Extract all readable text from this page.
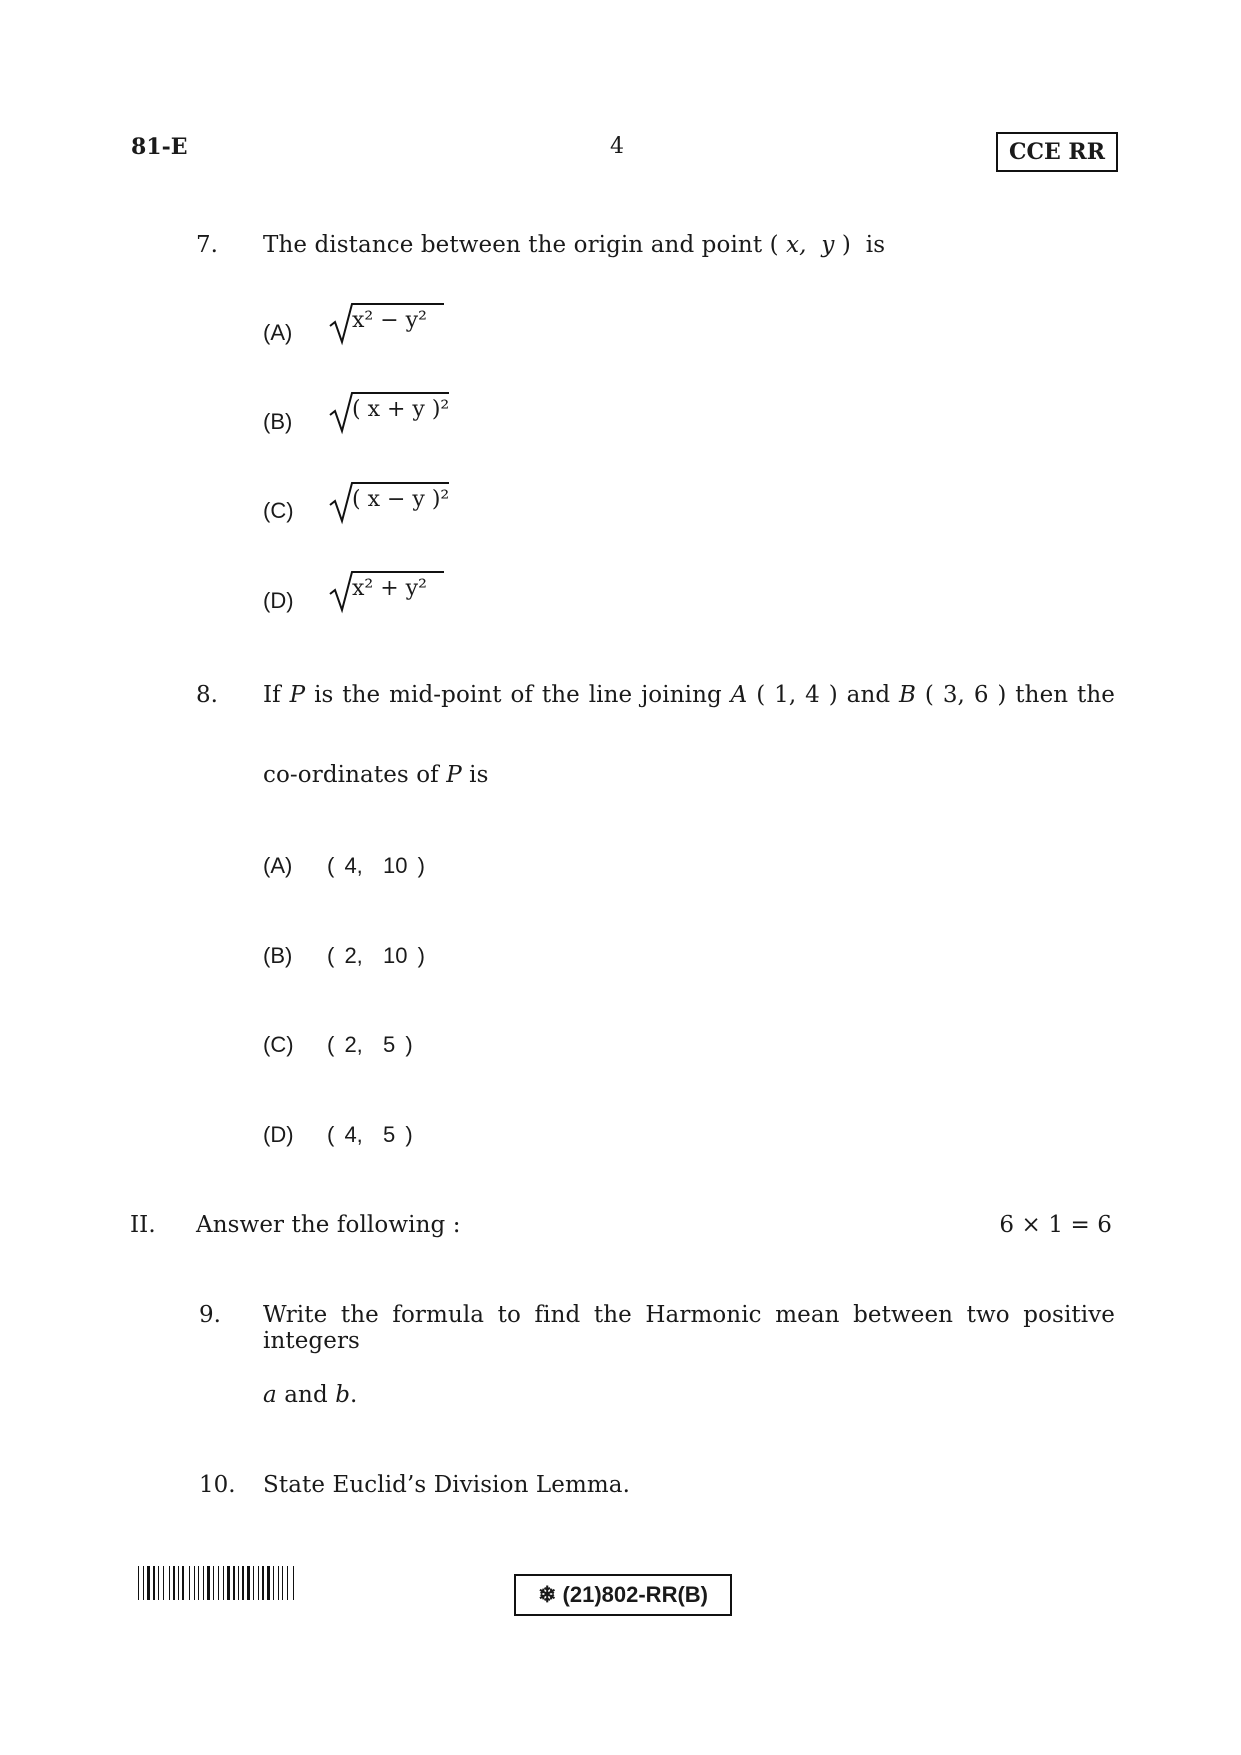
81-E	4	CCE RR
7. The distance between the origin and point ( x, y )  is
(A)	x² − y²
(B)	( x + y )²
(C)	( x − y )²
(D)	x² + y²
8. If P is the mid-point of the line joining A ( 1, 4 ) and B ( 3, 6 ) then the
co-ordinates of P is
(A) ( 4,  10 )
(B) ( 2,  10 )
(C) ( 2,  5 )
(D) ( 4,  5 )
II. Answer the following :	6 × 1 = 6
9. Write the formula to find the Harmonic mean between two positive integers
a and b.
10. State Euclid’s Division Lemma.
❄ (21)802-RR(B)
